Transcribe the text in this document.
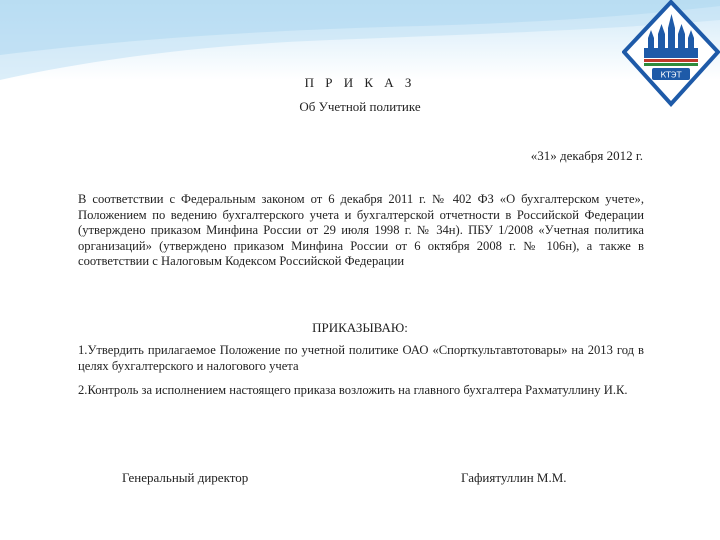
КТЭТ
П Р И К А З
Об Учетной политике
«31» декабря 2012 г.
В соответствии с Федеральным законом от 6 декабря 2011 г. № 402 ФЗ «О бухгалтерском учете», Положением по ведению бухгалтерского учета и бухгалтерской отчетности в Российской Федерации (утверждено приказом Минфина России от 29 июля 1998 г. № 34н). ПБУ 1/2008 «Учетная политика организаций» (утверждено приказом Минфина России от 6 октября 2008 г. № 106н), а также в соответствии с Налоговым Кодексом Российской Федерации
ПРИКАЗЫВАЮ:
1.Утвердить прилагаемое Положение по учетной политике ОАО «Спорткультавтотовары» на 2013 год в целях бухгалтерского и налогового учета
2.Контроль за исполнением настоящего приказа возложить на главного бухгалтера Рахматуллину И.К.
Генеральный директор	Гафиятуллин М.М.
